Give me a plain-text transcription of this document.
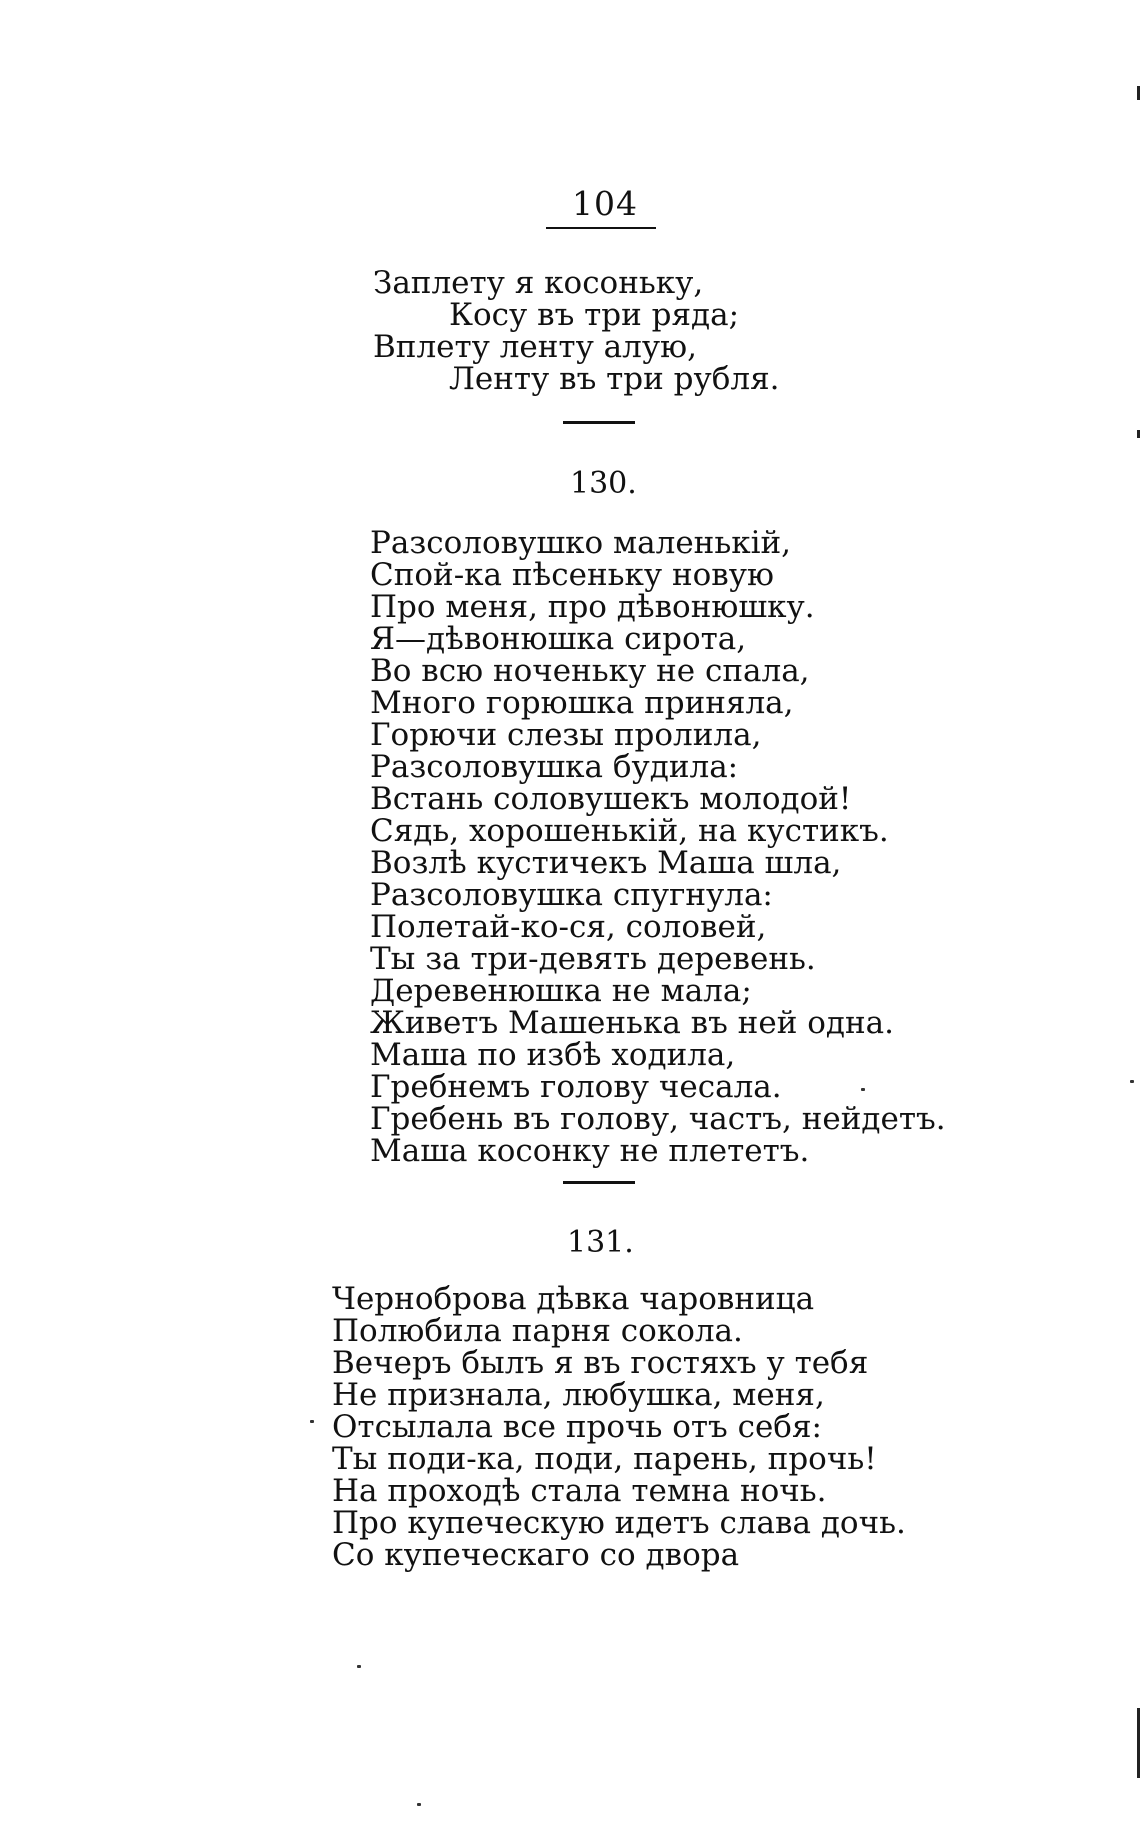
104
Заплету я косоньку,
Косу въ три ряда;
Вплету ленту алую,
Ленту въ три рубля.
130.
Разсоловушко маленькій,
Спой-ка пѣсеньку новую
Про меня, про дѣвонюшку.
Я—дѣвонюшка сирота,
Во всю ноченьку не спала,
Много горюшка приняла,
Горючи слезы пролила,
Разсоловушка будила:
Встань соловушекъ молодой!
Сядь, хорошенькій, на кустикъ.
Возлѣ кустичекъ Маша шла,
Разсоловушка спугнула:
Полетай-ко-ся, соловей,
Ты за три-девять деревень.
Деревенюшка не мала;
Живетъ Машенька въ ней одна.
Маша по избѣ ходила,
Гребнемъ голову чесала.
Гребень въ голову, частъ, нейдетъ.
Маша косонку не плететъ.
131.
Черноброва дѣвка чаровница
Полюбила парня сокола.
Вечеръ былъ я въ гостяхъ у тебя
Не признала, любушка, меня,
Отсылала все прочь отъ себя:
Ты поди-ка, поди, парень, прочь!
На проходѣ стала темна ночь.
Про купеческую идетъ слава дочь.
Со купеческаго со двора
